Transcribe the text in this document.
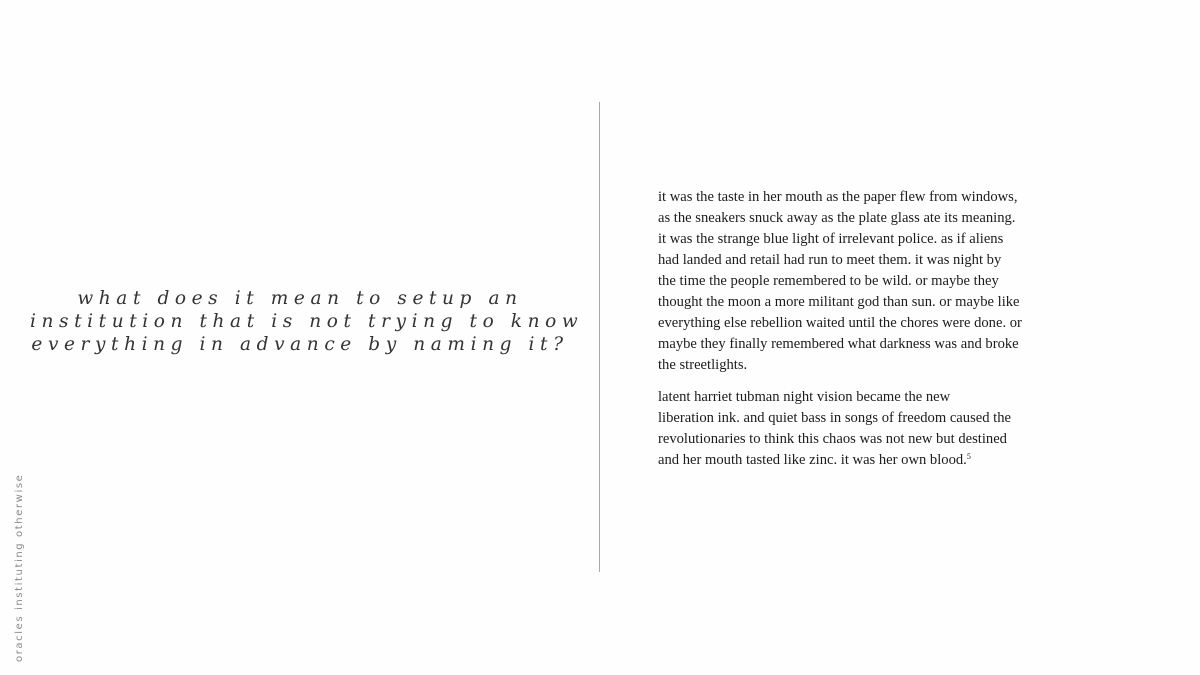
oracles instituting otherwise
what does it mean to setup an
institution that is not trying to know
everything in advance by naming it?
it was the taste in her mouth as the paper flew from windows,
as the sneakers snuck away as the plate glass ate its meaning.
it was the strange blue light of irrelevant police. as if aliens
had landed and retail had run to meet them. it was night by
the time the people remembered to be wild. or maybe they
thought the moon a more militant god than sun. or maybe like
everything else rebellion waited until the chores were done. or
maybe they finally remembered what darkness was and broke
the streetlights.
latent harriet tubman night vision became the new
liberation ink. and quiet bass in songs of freedom caused the
revolutionaries to think this chaos was not new but destined
and her mouth tasted like zinc. it was her own blood.$^5$
